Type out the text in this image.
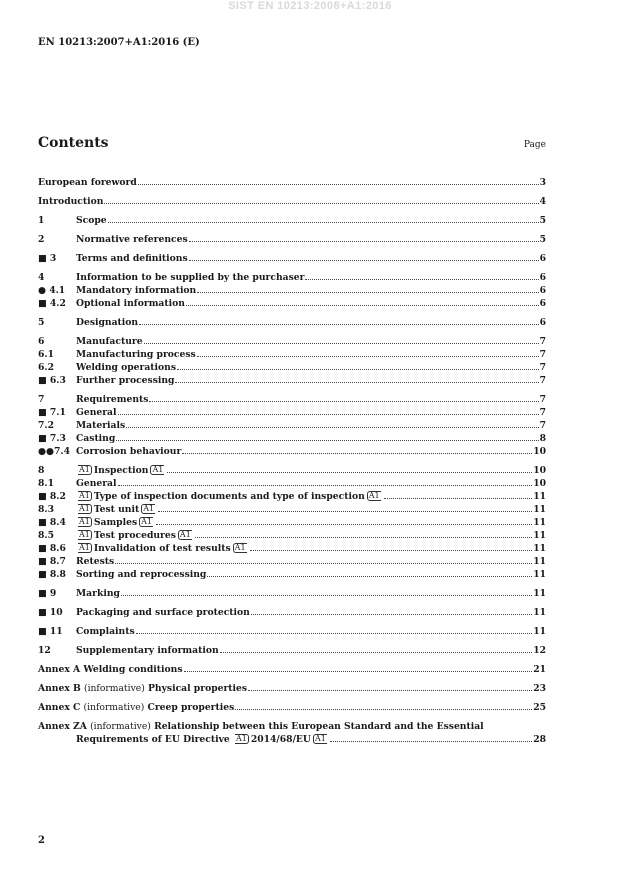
SIST EN 10213:2008+A1:2016
EN 10213:2007+A1:2016 (E)
Contents	Page
European foreword	3
Introduction	4
1	Scope	5
2	Normative references	5
■ 3 Terms and definitions	6
4	Information to be supplied by the purchaser	6
● 4.1 Mandatory information	6
■ 4.2 Optional information	6
5	Designation	6
6	Manufacture	7
6.1 Manufacturing process	7
6.2 Welding operations	7
■ 6.3 Further processing	7
7	Requirements	7
■ 7.1 General	7
7.2 Materials	7
■ 7.3 Casting	8
●●7.4 Corrosion behaviour	10
8	A1 Inspection A1	10
8.1 General	10
■ 8.2	A1 Type of inspection documents and type of inspection A1	11
8.3	A1 Test unit A1	11
■ 8.4	A1 Samples A1	11
8.5	A1 Test procedures A1	11
■ 8.6	A1 Invalidation of test results A1	11
■ 8.7 Retests	11
■ 8.8 Sorting and reprocessing	11
■ 9 Marking	11
■ 10 Packaging and surface protection	11
■ 11 Complaints	11
12	Supplementary information	12
Annex A Welding conditions	21
Annex B (informative) Physical properties	23
Annex C (informative) Creep properties	25
Annex ZA (informative) Relationship between this European Standard and the Essential
Requirements of EU Directive A1 2014/68/EU A1	28
2
